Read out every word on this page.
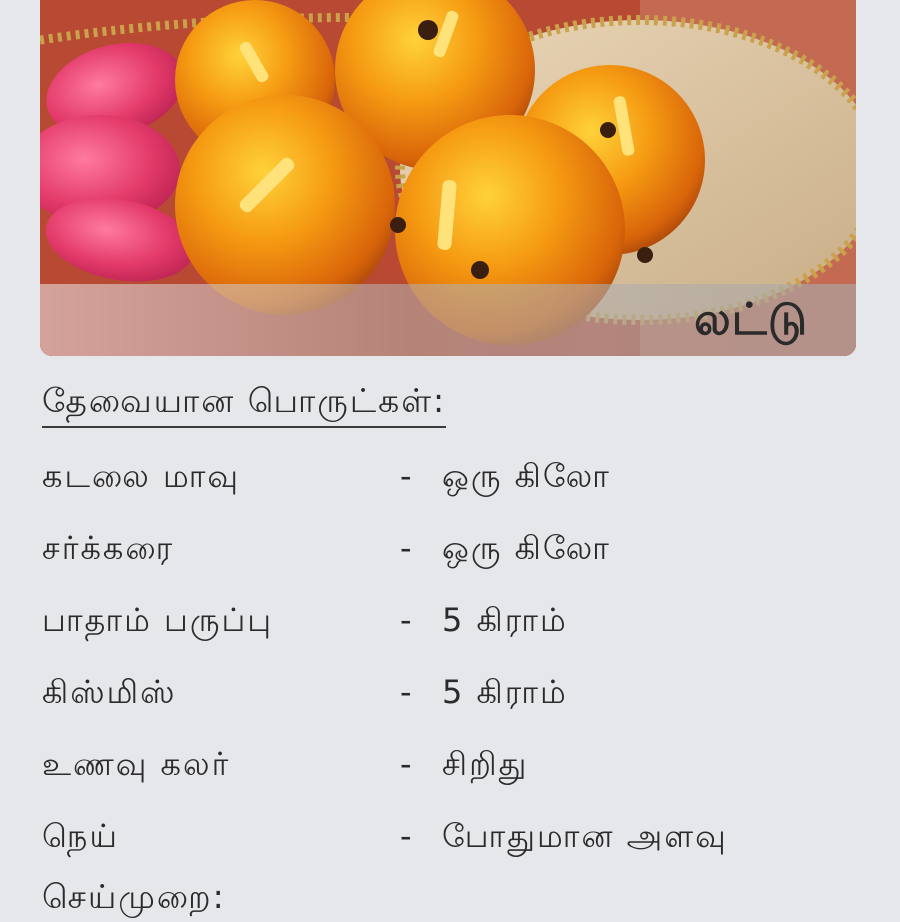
லட்டு
தேவையான பொருட்கள்:
கடலை மாவு	- ஒரு கிலோ
சர்க்கரை	- ஒரு கிலோ
பாதாம் பருப்பு	- 5 கிராம்
கிஸ்மிஸ்	- 5 கிராம்
உணவு கலர்	- சிறிது
நெய்	- போதுமான அளவு
செய்முறை:
